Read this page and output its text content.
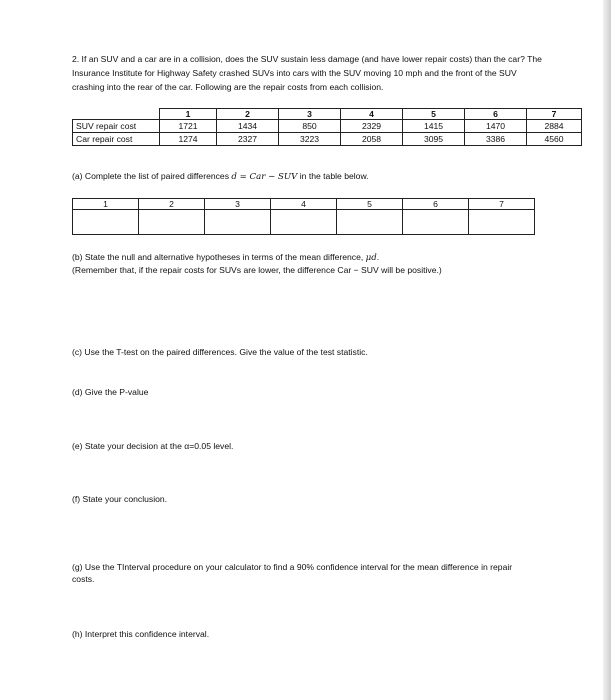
2. If an SUV and a car are in a collision, does the SUV sustain less damage (and have lower repair costs) than the car? The Insurance Institute for Highway Safety crashed SUVs into cars with the SUV moving 10 mph and the front of the SUV crashing into the rear of the car. Following are the repair costs from each collision.
	1	2	3	4	5	6	7
SUV repair cost	1721	1434	850	2329	1415	1470	2884
Car repair cost	1274	2327	3223	2058	3095	3386	4560
(a) Complete the list of paired differences d = Car − SUV in the table below.
1	2	3	4	5	6	7

(b) State the null and alternative hypotheses in terms of the mean difference, μd.
(Remember that, if the repair costs for SUVs are lower, the difference Car − SUV will be positive.)
(c) Use the T-test on the paired differences. Give the value of the test statistic.
(d) Give the P-value
(e) State your decision at the α=0.05 level.
(f) State your conclusion.
(g) Use the TInterval procedure on your calculator to find a 90% confidence interval for the mean difference in repair costs.
(h) Interpret this confidence interval.
